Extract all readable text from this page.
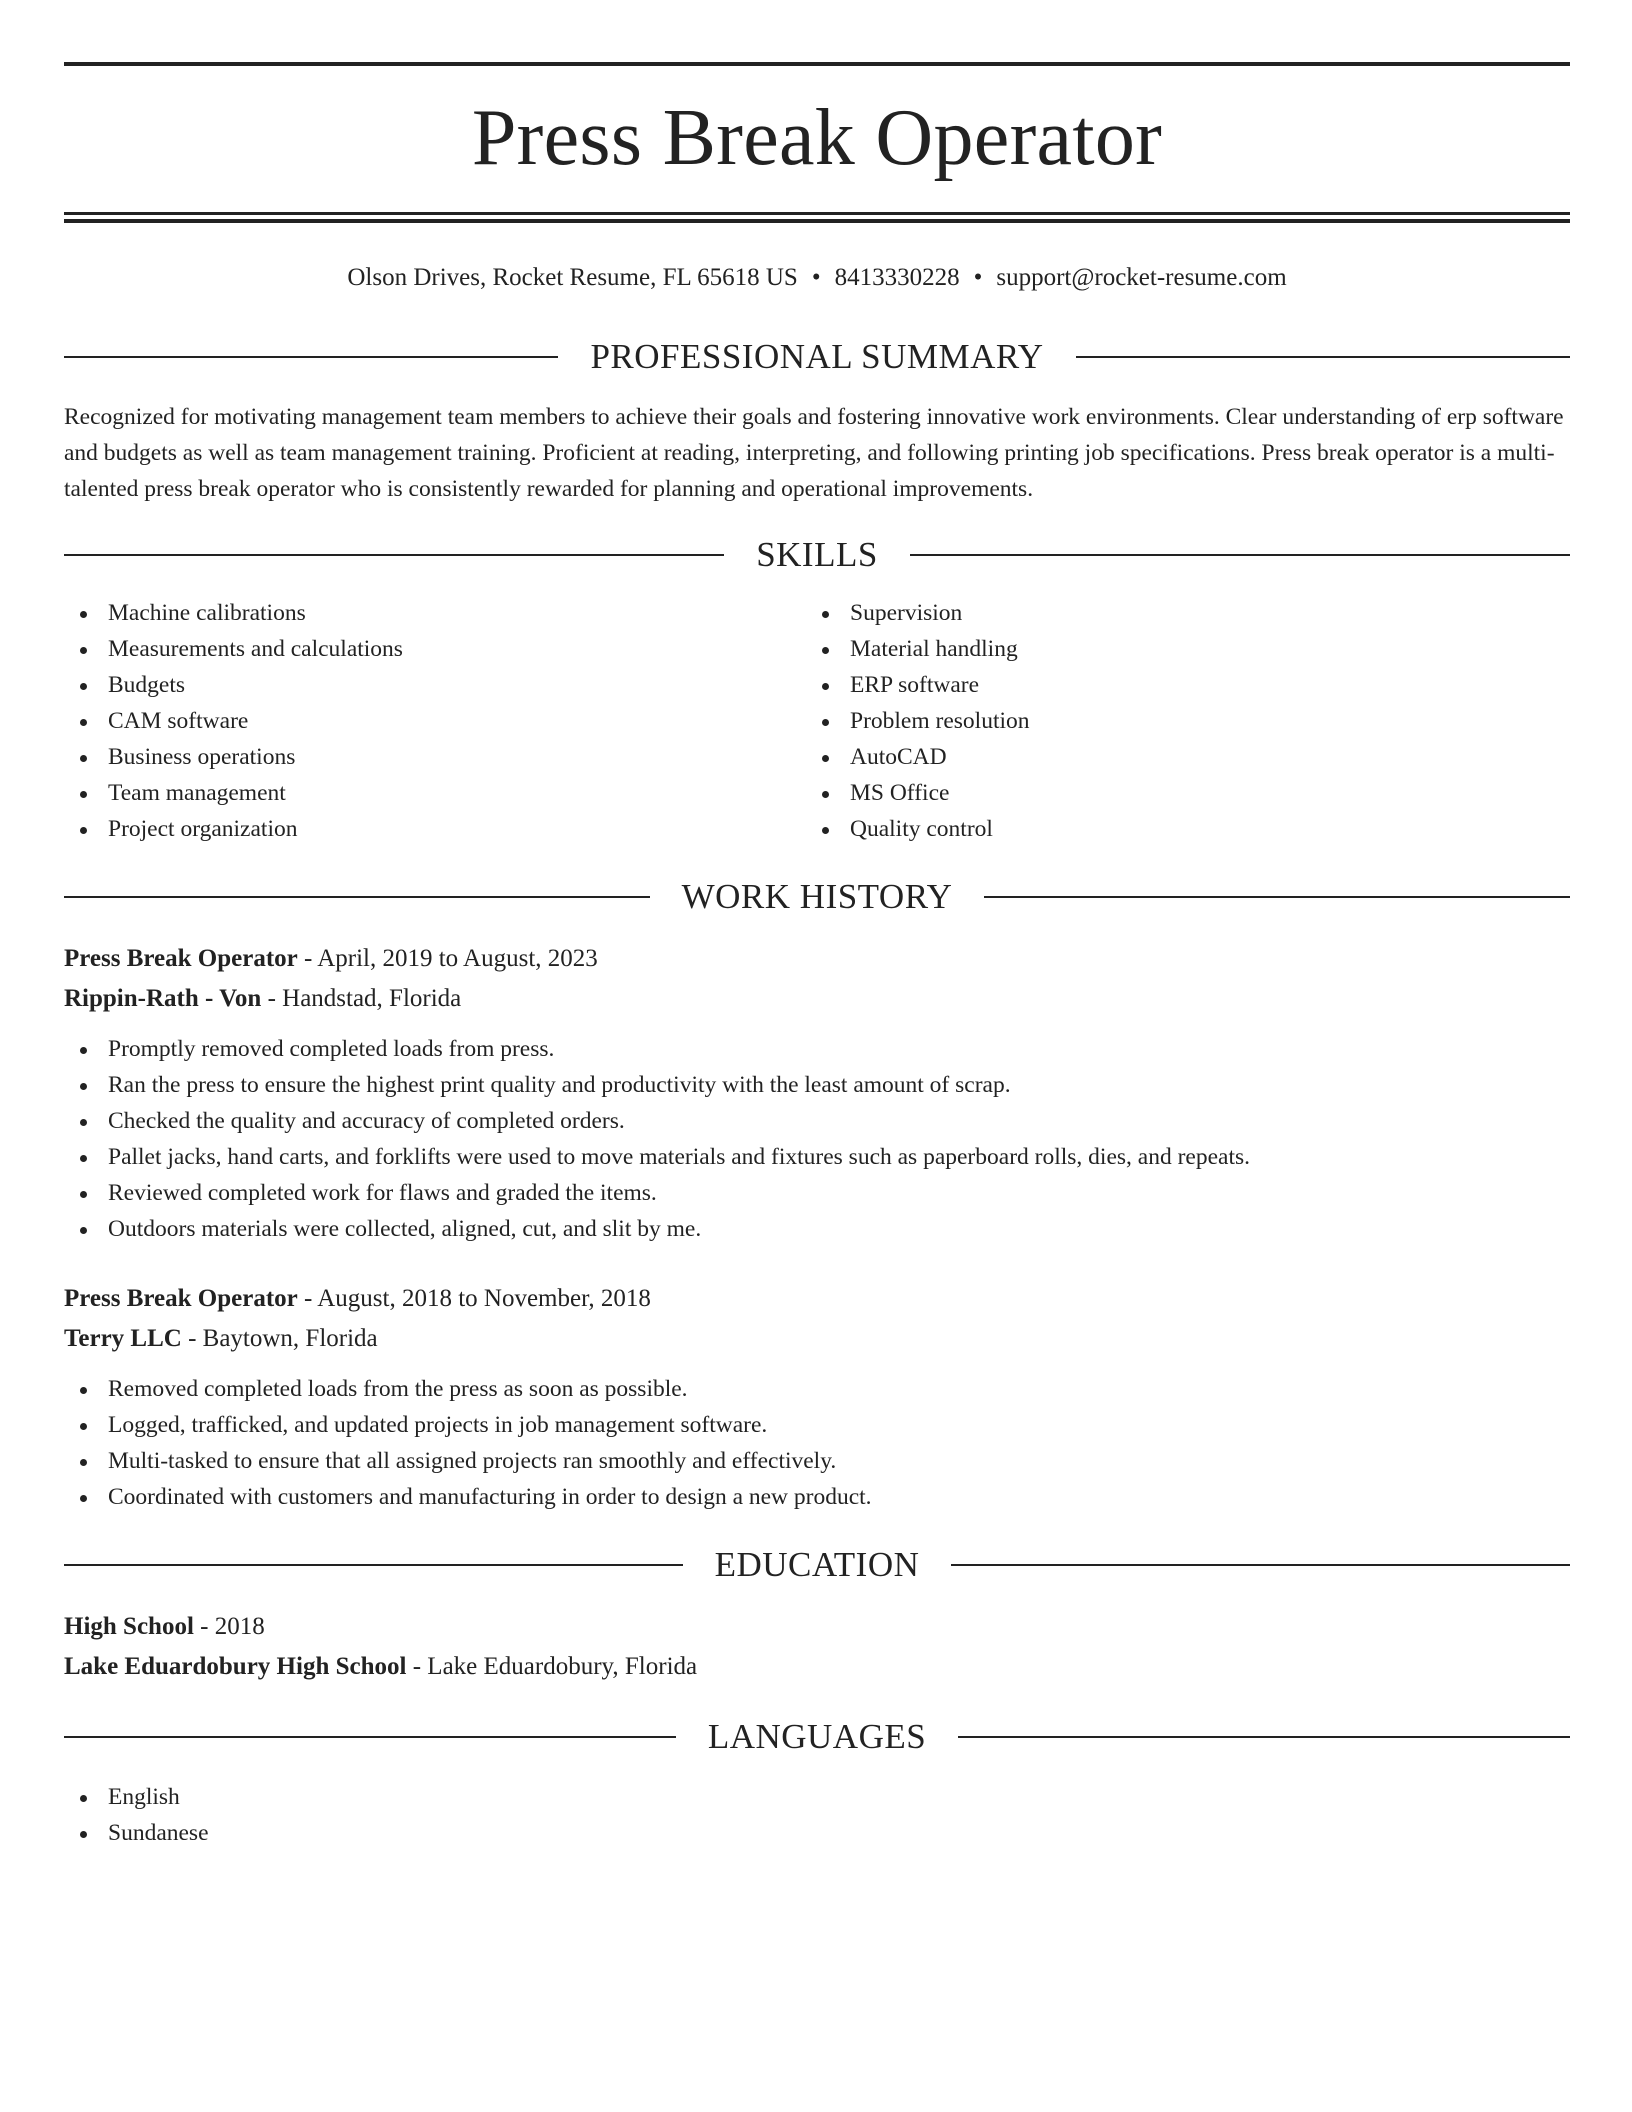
Press Break Operator
Olson Drives, Rocket Resume, FL 65618 US • 8413330228 • support@rocket-resume.com
PROFESSIONAL SUMMARY
Recognized for motivating management team members to achieve their goals and fostering innovative work environments. Clear understanding of erp software and budgets as well as team management training. Proficient at reading, interpreting, and following printing job specifications. Press break operator is a multi-talented press break operator who is consistently rewarded for planning and operational improvements.
SKILLS
Machine calibrations
Measurements and calculations
Budgets
CAM software
Business operations
Team management
Project organization
Supervision
Material handling
ERP software
Problem resolution
AutoCAD
MS Office
Quality control
WORK HISTORY
Press Break Operator - April, 2019 to August, 2023
Rippin-Rath - Von - Handstad, Florida
Promptly removed completed loads from press.
Ran the press to ensure the highest print quality and productivity with the least amount of scrap.
Checked the quality and accuracy of completed orders.
Pallet jacks, hand carts, and forklifts were used to move materials and fixtures such as paperboard rolls, dies, and repeats.
Reviewed completed work for flaws and graded the items.
Outdoors materials were collected, aligned, cut, and slit by me.
Press Break Operator - August, 2018 to November, 2018
Terry LLC - Baytown, Florida
Removed completed loads from the press as soon as possible.
Logged, trafficked, and updated projects in job management software.
Multi-tasked to ensure that all assigned projects ran smoothly and effectively.
Coordinated with customers and manufacturing in order to design a new product.
EDUCATION
High School - 2018
Lake Eduardobury High School - Lake Eduardobury, Florida
LANGUAGES
English
Sundanese
